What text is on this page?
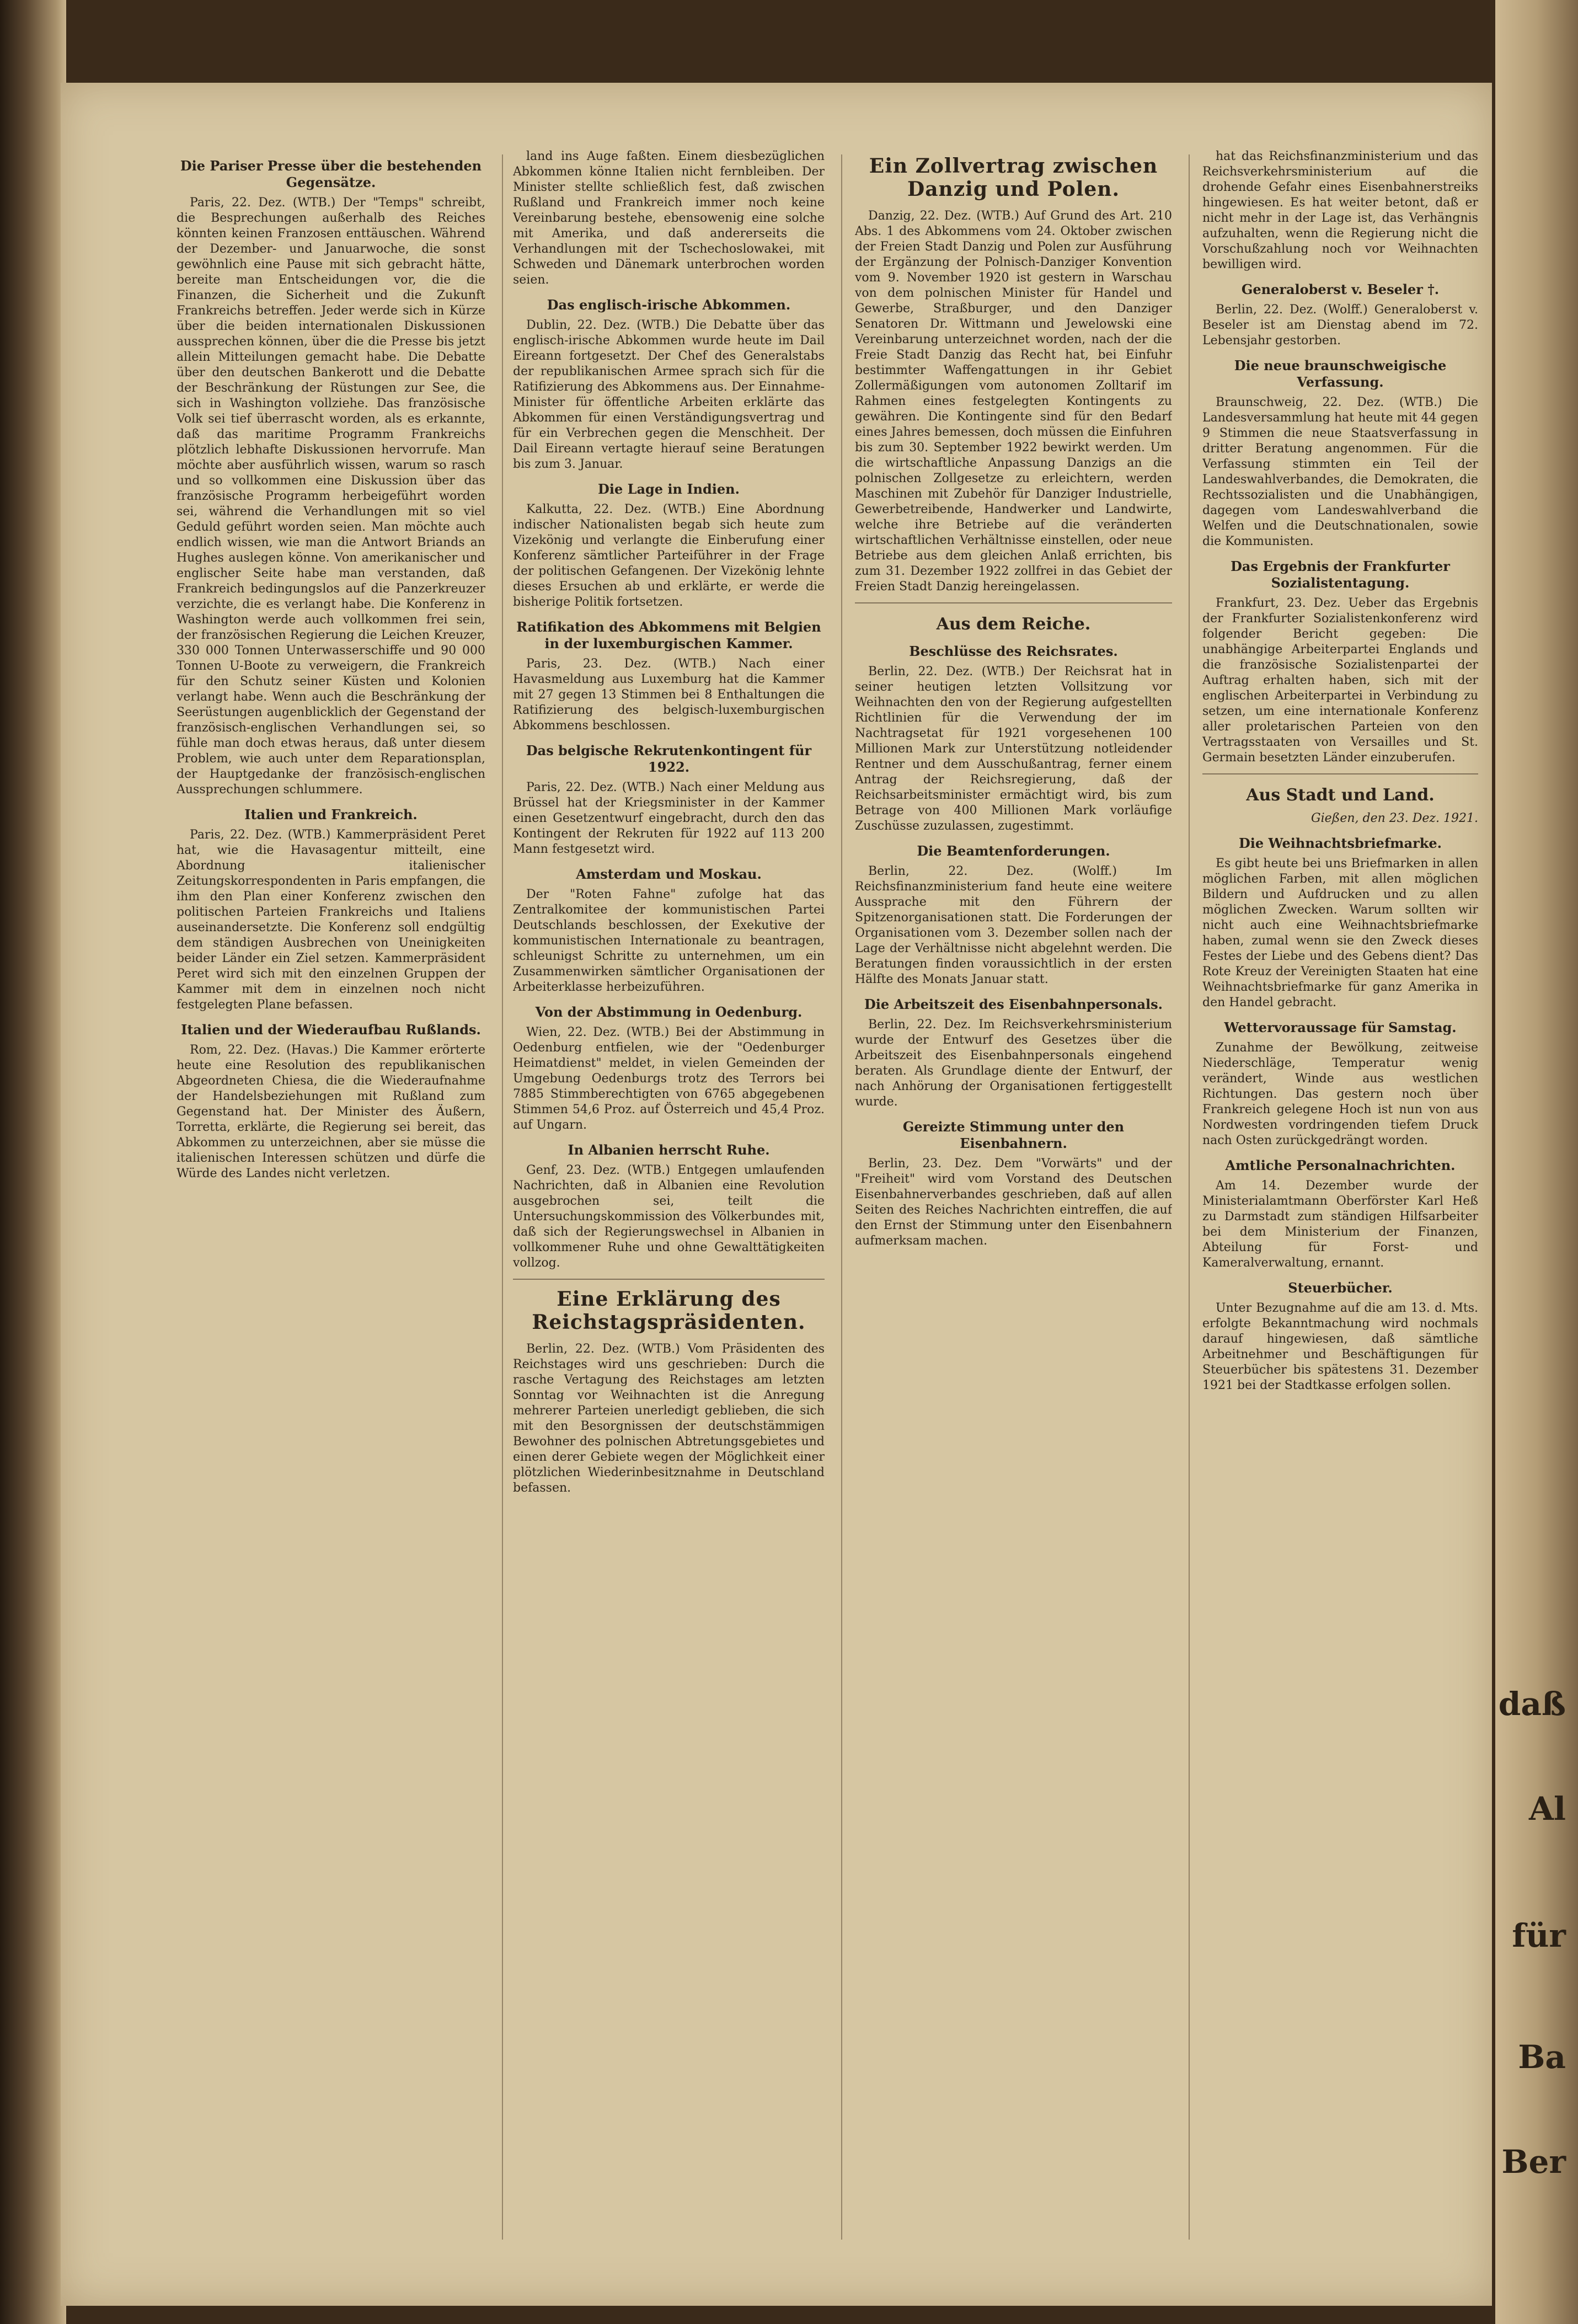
daß
Al
für
Ba
Ber
Die Pariser Presse über die bestehenden Gegensätze.

Paris, 22. Dez. (WTB.) Der "Temps" schreibt, die Besprechungen außerhalb des Reiches könnten keinen Franzosen enttäuschen. Während der Dezember- und Januarwoche, die sonst gewöhnlich eine Pause mit sich gebracht hätte, bereite man Entscheidungen vor, die die Finanzen, die Sicherheit und die Zukunft Frankreichs betreffen. Jeder werde sich in Kürze über die beiden internationalen Diskussionen aussprechen können, über die die Presse bis jetzt allein Mitteilungen gemacht habe. Die Debatte über den deutschen Bankerott und die Debatte der Beschränkung der Rüstungen zur See, die sich in Washington vollziehe. Das französische Volk sei tief überrascht worden, als es erkannte, daß das maritime Programm Frankreichs plötzlich lebhafte Diskussionen hervorrufe. Man möchte aber ausführlich wissen, warum so rasch und so vollkommen eine Diskussion über das französische Programm herbeigeführt worden sei, während die Verhandlungen mit so viel Geduld geführt worden seien. Man möchte auch endlich wissen, wie man die Antwort Briands an Hughes auslegen könne. Von amerikanischer und englischer Seite habe man verstanden, daß Frankreich bedingungslos auf die Panzerkreuzer verzichte, die es verlangt habe. Die Konferenz in Washington werde auch vollkommen frei sein, der französischen Regierung die Leichen Kreuzer, 330 000 Tonnen Unterwasserschiffe und 90 000 Tonnen U-Boote zu verweigern, die Frankreich für den Schutz seiner Küsten und Kolonien verlangt habe. Wenn auch die Beschränkung der Seerüstungen augenblicklich der Gegenstand der französisch-englischen Verhandlungen sei, so fühle man doch etwas heraus, daß unter diesem Problem, wie auch unter dem Reparationsplan, der Hauptgedanke der französisch-englischen Aussprechungen schlummere.

Italien und Frankreich.

Paris, 22. Dez. (WTB.) Kammerpräsident Peret hat, wie die Havasagentur mitteilt, eine Abordnung italienischer Zeitungskorrespondenten in Paris empfangen, die ihm den Plan einer Konferenz zwischen den politischen Parteien Frankreichs und Italiens auseinandersetzte. Die Konferenz soll endgültig dem ständigen Ausbrechen von Uneinigkeiten beider Länder ein Ziel setzen. Kammerpräsident Peret wird sich mit den einzelnen Gruppen der Kammer mit dem in einzelnen noch nicht festgelegten Plane befassen.

Italien und der Wiederaufbau Rußlands.

Rom, 22. Dez. (Havas.) Die Kammer erörterte heute eine Resolution des republikanischen Abgeordneten Chiesa, die die Wiederaufnahme der Handelsbeziehungen mit Rußland zum Gegenstand hat. Der Minister des Äußern, Torretta, erklärte, die Regierung sei bereit, das Abkommen zu unterzeichnen, aber sie müsse die italienischen Interessen schützen und dürfe die Würde des Landes nicht verletzen.

land ins Auge faßten. Einem diesbezüglichen Abkommen könne Italien nicht fernbleiben. Der Minister stellte schließlich fest, daß zwischen Rußland und Frankreich immer noch keine Vereinbarung bestehe, ebensowenig eine solche mit Amerika, und daß andererseits die Verhandlungen mit der Tschechoslowakei, mit Schweden und Dänemark unterbrochen worden seien.

Das englisch-irische Abkommen.

Dublin, 22. Dez. (WTB.) Die Debatte über das englisch-irische Abkommen wurde heute im Dail Eireann fortgesetzt. Der Chef des Generalstabs der republikanischen Armee sprach sich für die Ratifizierung des Abkommens aus. Der Einnahme-Minister für öffentliche Arbeiten erklärte das Abkommen für einen Verständigungsvertrag und für ein Verbrechen gegen die Menschheit. Der Dail Eireann vertagte hierauf seine Beratungen bis zum 3. Januar.

Die Lage in Indien.

Kalkutta, 22. Dez. (WTB.) Eine Abordnung indischer Nationalisten begab sich heute zum Vizekönig und verlangte die Einberufung einer Konferenz sämtlicher Parteiführer in der Frage der politischen Gefangenen. Der Vizekönig lehnte dieses Ersuchen ab und erklärte, er werde die bisherige Politik fortsetzen.

Ratifikation des Abkommens mit Belgien in der luxemburgischen Kammer.

Paris, 23. Dez. (WTB.) Nach einer Havasmeldung aus Luxemburg hat die Kammer mit 27 gegen 13 Stimmen bei 8 Enthaltungen die Ratifizierung des belgisch-luxemburgischen Abkommens beschlossen.

Das belgische Rekrutenkontingent für 1922.

Paris, 22. Dez. (WTB.) Nach einer Meldung aus Brüssel hat der Kriegsminister in der Kammer einen Gesetzentwurf eingebracht, durch den das Kontingent der Rekruten für 1922 auf 113 200 Mann festgesetzt wird.

Amsterdam und Moskau.

Der "Roten Fahne" zufolge hat das Zentralkomitee der kommunistischen Partei Deutschlands beschlossen, der Exekutive der kommunistischen Internationale zu beantragen, schleunigst Schritte zu unternehmen, um ein Zusammenwirken sämtlicher Organisationen der Arbeiterklasse herbeizuführen.

Von der Abstimmung in Oedenburg.

Wien, 22. Dez. (WTB.) Bei der Abstimmung in Oedenburg entfielen, wie der "Oedenburger Heimatdienst" meldet, in vielen Gemeinden der Umgebung Oedenburgs trotz des Terrors bei 7885 Stimmberechtigten von 6765 abgegebenen Stimmen 54,6 Proz. auf Österreich und 45,4 Proz. auf Ungarn.

In Albanien herrscht Ruhe.

Genf, 23. Dez. (WTB.) Entgegen umlaufenden Nachrichten, daß in Albanien eine Revolution ausgebrochen sei, teilt die Untersuchungskommission des Völkerbundes mit, daß sich der Regierungswechsel in Albanien in vollkommener Ruhe und ohne Gewalttätigkeiten vollzog.

Eine Erklärung des Reichstagspräsidenten.

Berlin, 22. Dez. (WTB.) Vom Präsidenten des Reichstages wird uns geschrieben: Durch die rasche Vertagung des Reichstages am letzten Sonntag vor Weihnachten ist die Anregung mehrerer Parteien unerledigt geblieben, die sich mit den Besorgnissen der deutschstämmigen Bewohner des polnischen Abtretungsgebietes und einen derer Gebiete wegen der Möglichkeit einer plötzlichen Wiederinbesitznahme in Deutschland befassen.

Ein Zollvertrag zwischen Danzig und Polen.

Danzig, 22. Dez. (WTB.) Auf Grund des Art. 210 Abs. 1 des Abkommens vom 24. Oktober zwischen der Freien Stadt Danzig und Polen zur Ausführung der Ergänzung der Polnisch-Danziger Konvention vom 9. November 1920 ist gestern in Warschau von dem polnischen Minister für Handel und Gewerbe, Straßburger, und den Danziger Senatoren Dr. Wittmann und Jewelowski eine Vereinbarung unterzeichnet worden, nach der die Freie Stadt Danzig das Recht hat, bei Einfuhr bestimmter Waffengattungen in ihr Gebiet Zollermäßigungen vom autonomen Zolltarif im Rahmen eines festgelegten Kontingents zu gewähren. Die Kontingente sind für den Bedarf eines Jahres bemessen, doch müssen die Einfuhren bis zum 30. September 1922 bewirkt werden. Um die wirtschaftliche Anpassung Danzigs an die polnischen Zollgesetze zu erleichtern, werden Maschinen mit Zubehör für Danziger Industrielle, Gewerbetreibende, Handwerker und Landwirte, welche ihre Betriebe auf die veränderten wirtschaftlichen Verhältnisse einstellen, oder neue Betriebe aus dem gleichen Anlaß errichten, bis zum 31. Dezember 1922 zollfrei in das Gebiet der Freien Stadt Danzig hereingelassen.

Aus dem Reiche.
Beschlüsse des Reichsrates.

Berlin, 22. Dez. (WTB.) Der Reichsrat hat in seiner heutigen letzten Vollsitzung vor Weihnachten den von der Regierung aufgestellten Richtlinien für die Verwendung der im Nachtragsetat für 1921 vorgesehenen 100 Millionen Mark zur Unterstützung notleidender Rentner und dem Ausschußantrag, ferner einem Antrag der Reichsregierung, daß der Reichsarbeitsminister ermächtigt wird, bis zum Betrage von 400 Millionen Mark vorläufige Zuschüsse zuzulassen, zugestimmt.

Die Beamtenforderungen.

Berlin, 22. Dez. (Wolff.) Im Reichsfinanzministerium fand heute eine weitere Aussprache mit den Führern der Spitzenorganisationen statt. Die Forderungen der Organisationen vom 3. Dezember sollen nach der Lage der Verhältnisse nicht abgelehnt werden. Die Beratungen finden voraussichtlich in der ersten Hälfte des Monats Januar statt.

Die Arbeitszeit des Eisenbahnpersonals.

Berlin, 22. Dez. Im Reichsverkehrsministerium wurde der Entwurf des Gesetzes über die Arbeitszeit des Eisenbahnpersonals eingehend beraten. Als Grundlage diente der Entwurf, der nach Anhörung der Organisationen fertiggestellt wurde.

Gereizte Stimmung unter den Eisenbahnern.

Berlin, 23. Dez. Dem "Vorwärts" und der "Freiheit" wird vom Vorstand des Deutschen Eisenbahnerverbandes geschrieben, daß auf allen Seiten des Reiches Nachrichten eintreffen, die auf den Ernst der Stimmung unter den Eisenbahnern aufmerksam machen.

hat das Reichsfinanzministerium und das Reichsverkehrsministerium auf die drohende Gefahr eines Eisenbahnerstreiks hingewiesen. Es hat weiter betont, daß er nicht mehr in der Lage ist, das Verhängnis aufzuhalten, wenn die Regierung nicht die Vorschußzahlung noch vor Weihnachten bewilligen wird.

Generaloberst v. Beseler †.

Berlin, 22. Dez. (Wolff.) Generaloberst v. Beseler ist am Dienstag abend im 72. Lebensjahr gestorben.

Die neue braunschweigische Verfassung.

Braunschweig, 22. Dez. (WTB.) Die Landesversammlung hat heute mit 44 gegen 9 Stimmen die neue Staatsverfassung in dritter Beratung angenommen. Für die Verfassung stimmten ein Teil der Landeswahlverbandes, die Demokraten, die Rechtssozialisten und die Unabhängigen, dagegen vom Landeswahlverband die Welfen und die Deutschnationalen, sowie die Kommunisten.

Das Ergebnis der Frankfurter Sozialistentagung.

Frankfurt, 23. Dez. Ueber das Ergebnis der Frankfurter Sozialistenkonferenz wird folgender Bericht gegeben: Die unabhängige Arbeiterpartei Englands und die französische Sozialistenpartei der Auftrag erhalten haben, sich mit der englischen Arbeiterpartei in Verbindung zu setzen, um eine internationale Konferenz aller proletarischen Parteien von den Vertragsstaaten von Versailles und St. Germain besetzten Länder einzuberufen.

Aus Stadt und Land.
Gießen, den 23. Dez. 1921.
Die Weihnachtsbriefmarke.

Es gibt heute bei uns Briefmarken in allen möglichen Farben, mit allen möglichen Bildern und Aufdrucken und zu allen möglichen Zwecken. Warum sollten wir nicht auch eine Weihnachtsbriefmarke haben, zumal wenn sie den Zweck dieses Festes der Liebe und des Gebens dient? Das Rote Kreuz der Vereinigten Staaten hat eine Weihnachtsbriefmarke für ganz Amerika in den Handel gebracht.

Wettervoraussage für Samstag.

Zunahme der Bewölkung, zeitweise Niederschläge, Temperatur wenig verändert, Winde aus westlichen Richtungen. Das gestern noch über Frankreich gelegene Hoch ist nun von aus Nordwesten vordringenden tiefem Druck nach Osten zurückgedrängt worden.

Amtliche Personalnachrichten.

Am 14. Dezember wurde der Ministerialamtmann Oberförster Karl Heß zu Darmstadt zum ständigen Hilfsarbeiter bei dem Ministerium der Finanzen, Abteilung für Forst- und Kameralverwaltung, ernannt.

Steuerbücher.

Unter Bezugnahme auf die am 13. d. Mts. erfolgte Bekanntmachung wird nochmals darauf hingewiesen, daß sämtliche Arbeitnehmer und Beschäftigungen für Steuerbücher bis spätestens 31. Dezember 1921 bei der Stadtkasse erfolgen sollen.
